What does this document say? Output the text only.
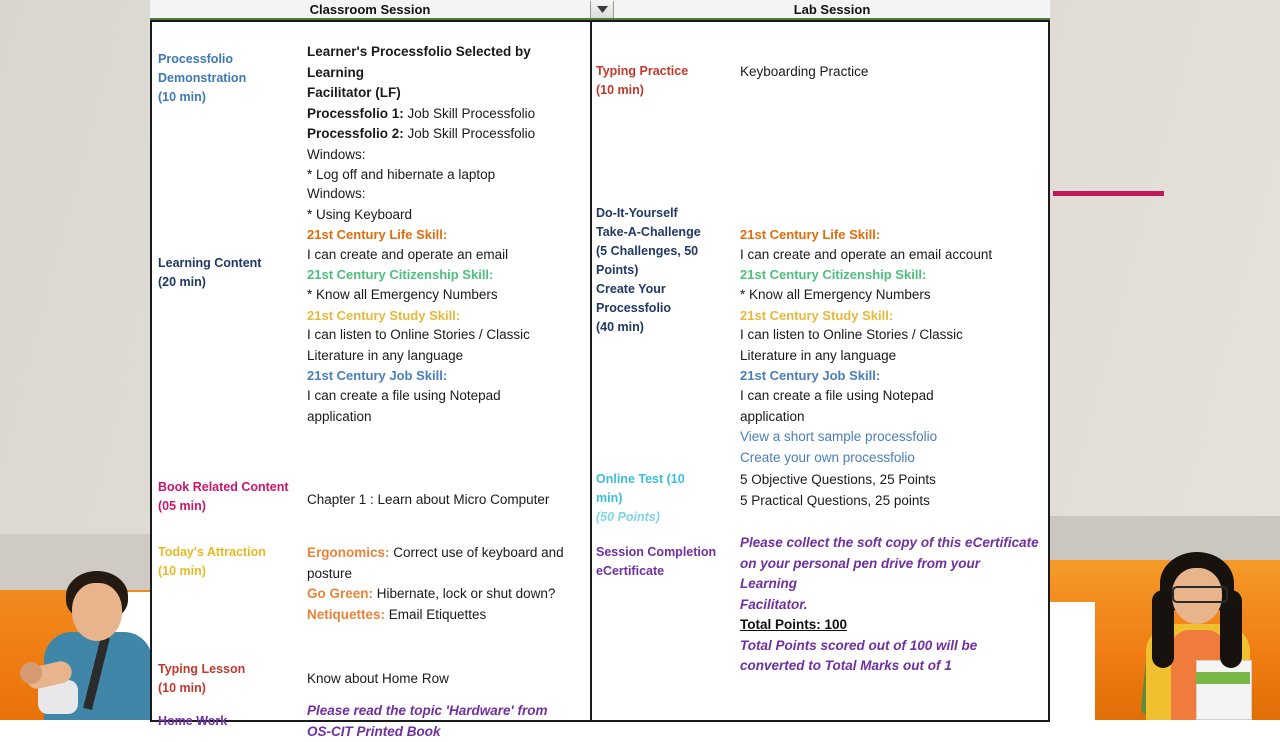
Classroom Session	Lab Session
Processfolio
Demonstration
(10 min)
Learner's Processfolio Selected by Learning
Facilitator (LF)
Processfolio 1: Job Skill Processfolio
Processfolio 2: Job Skill Processfolio
Windows:
* Log off and hibernate a laptop
Learning Content
(20 min)
Windows:
* Using Keyboard
21st Century Life Skill:
I can create and operate an email
21st Century Citizenship Skill:
* Know all Emergency Numbers
21st Century Study Skill:
I can listen to Online Stories / Classic
Literature in any language
21st Century Job Skill:
I can create a file using Notepad
application
Book Related Content
(05 min)	Chapter 1 : Learn about Micro Computer
Today's Attraction
(10 min)
Ergonomics: Correct use of keyboard and
posture
Go Green: Hibernate, lock or shut down?
Netiquettes: Email Etiquettes
Typing Lesson
(10 min)
Know about Home Row
Home Work
Please read the topic 'Hardware' from
OS-CIT Printed Book
Typing Practice
(10 min)
Keyboarding Practice
Do-It-Yourself
Take-A-Challenge
(5 Challenges, 50
Points)
Create Your
Processfolio
(40 min)
21st Century Life Skill:
I can create and operate an email account
21st Century Citizenship Skill:
* Know all Emergency Numbers
21st Century Study Skill:
I can listen to Online Stories / Classic
Literature in any language
21st Century Job Skill:
I can create a file using Notepad
application
View a short sample processfolio
Create your own processfolio
Online Test (10
min)
(50 Points)
5 Objective Questions, 25 Points
5 Practical Questions, 25 points
Session Completion
eCertificate
Please collect the soft copy of this eCertificate
on your personal pen drive from your Learning
Facilitator.
Total Points: 100
Total Points scored out of 100 will be
converted to Total Marks out of 1
